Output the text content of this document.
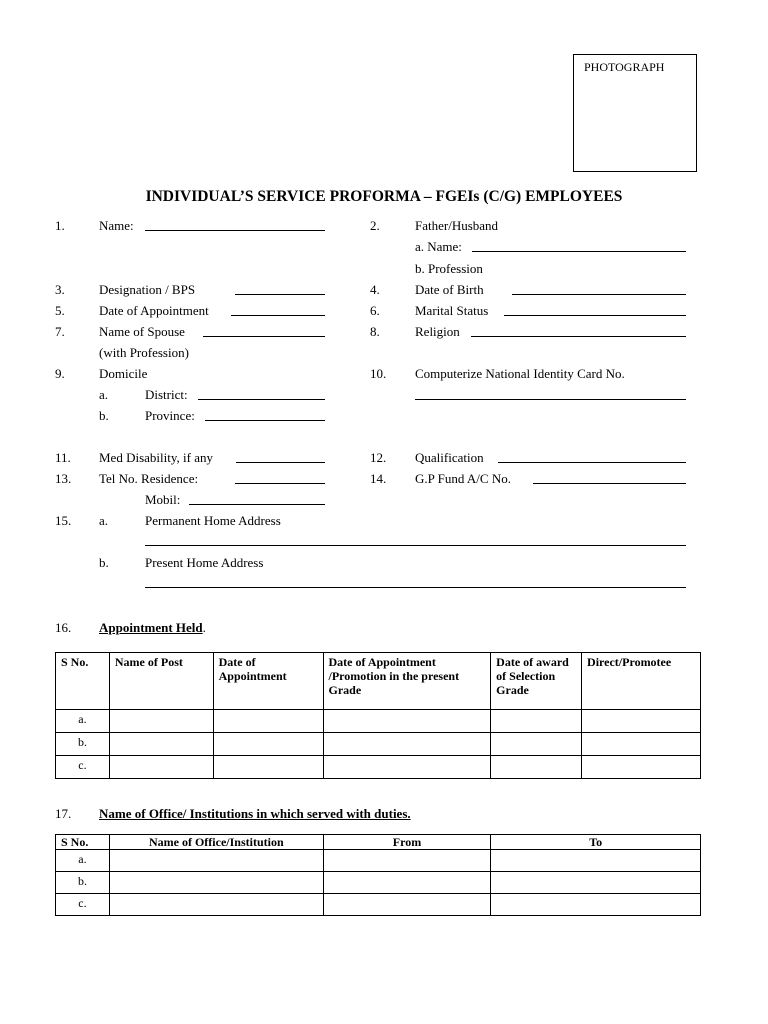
PHOTOGRAPH
INDIVIDUAL’S SERVICE PROFORMA – FGEIs (C/G) EMPLOYEES
1.	Name:	2.	Father/Husband
a. Name:
b. Profession
3.	Designation / BPS	4.	Date of Birth
5.	Date of Appointment	6.	Marital Status
7.	Name of Spouse	8.	Religion
(with Profession)
9.	Domicile	10. Computerize National Identity Card No.
a.	District:
b.	Province:
11. Med Disability, if any	12. Qualification
13. Tel No. Residence:	14. G.P Fund A/C No.
Mobil:
15. a.	Permanent Home Address
b.	Present Home Address
16. Appointment Held.
S No.	Name of Post	Date of Appointment	Date of Appointment /Promotion in the present Grade	Date of award of Selection Grade	Direct/Promotee
a.					
b.					
c.					
17. Name of Office/ Institutions in which served with duties.
S No.	Name of Office/Institution	From	To
a.			
b.			
c.			
